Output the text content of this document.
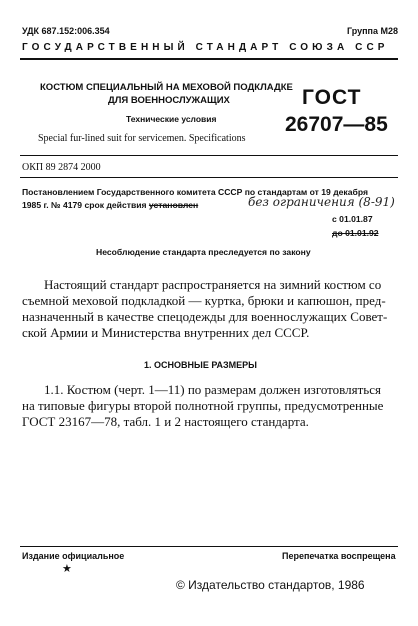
УДК 687.152:006.354	Группа М28
ГОСУДАРСТВЕННЫЙ СТАНДАРТ СОЮЗА ССР
КОСТЮМ СПЕЦИАЛЬНЫЙ НА МЕХОВОЙ ПОДКЛАДКЕ
ДЛЯ ВОЕННОСЛУЖАЩИХ
Технические условия
Special fur-lined suit for servicemen. Specifications
ГОСТ
26707—85
ОКП 89 2874 2000
Постановлением Государственного комитета СССР по стандартам от 19 декабря
1985 г. № 4179 срок действия установлен	без ограничения (8-91)
с 01.01.87
до 01.01.92
Несоблюдение стандарта преследуется по закону
Настоящий стандарт распространяется на зимний костюм со
съемной меховой подкладкой — куртка, брюки и капюшон, пред-
назначенный в качестве спецодежды для военнослужащих Совет-
ской Армии и Министерства внутренних дел СССР.
1. ОСНОВНЫЕ РАЗМЕРЫ
1.1. Костюм (черт. 1—11) по размерам должен изготовляться
на типовые фигуры второй полнотной группы, предусмотренные
ГОСТ 23167—78, табл. 1 и 2 настоящего стандарта.
Издание официальное	Перепечатка воспрещена
★
© Издательство стандартов, 1986
